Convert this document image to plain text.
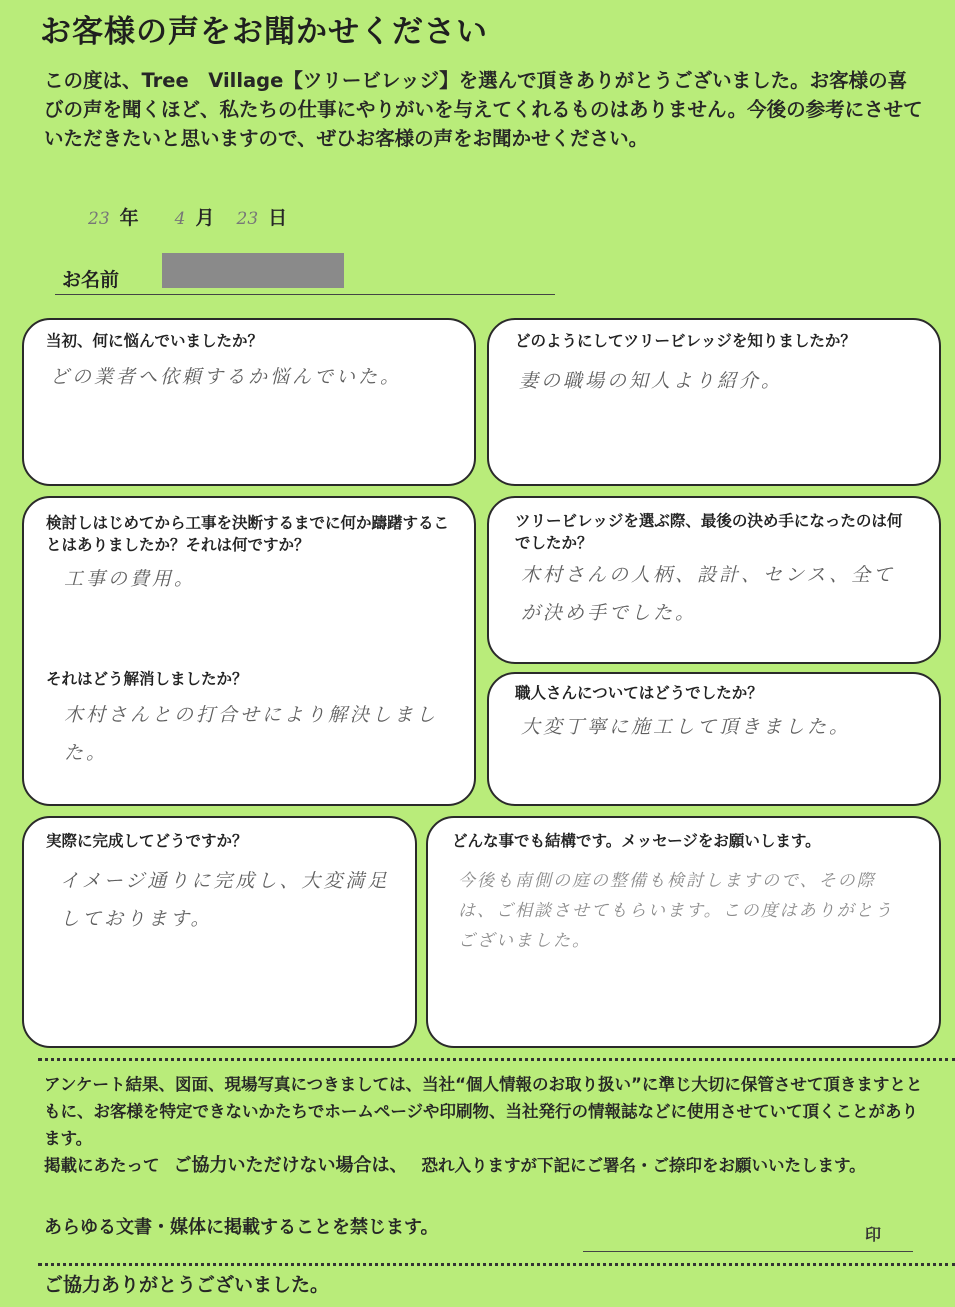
お客様の声をお聞かせください
この度は、Tree　Village【ツリービレッジ】を選んで頂きありがとうございました。お客様の喜びの声を聞くほど、私たちの仕事にやりがいを与えてくれるものはありません。今後の参考にさせていただきたいと思いますので、ぜひお客様の声をお聞かせください。
23 年 4 月 23 日
お名前
当初、何に悩んでいましたか？
どの業者へ依頼するか悩んでいた。
どのようにしてツリービレッジを知りましたか？
妻の職場の知人より紹介。
検討しはじめてから工事を決断するまでに何か躊躇することはありましたか？それは何ですか？
工事の費用。
それはどう解消しましたか？
木村さんとの打合せにより解決しました。
ツリービレッジを選ぶ際、最後の決め手になったのは何でしたか？
木村さんの人柄、設計、センス、全てが決め手でした。
職人さんについてはどうでしたか？
大変丁寧に施工して頂きました。
実際に完成してどうですか？
イメージ通りに完成し、大変満足しております。
どんな事でも結構です。メッセージをお願いします。
今後も南側の庭の整備も検討しますので、その際は、ご相談させてもらいます。この度はありがとうございました。
アンケート結果、図面、現場写真につきましては、当社“個人情報のお取り扱い”に準じ大切に保管させて頂きますとともに、お客様を特定できないかたちでホームページや印刷物、当社発行の情報誌などに使用させていて頂くことがあります。
掲載にあたって ご協力いただけない場合は、 恐れ入りますが下記にご署名・ご捺印をお願いいたします。
あらゆる文書・媒体に掲載することを禁じます。	印
ご協力ありがとうございました。
